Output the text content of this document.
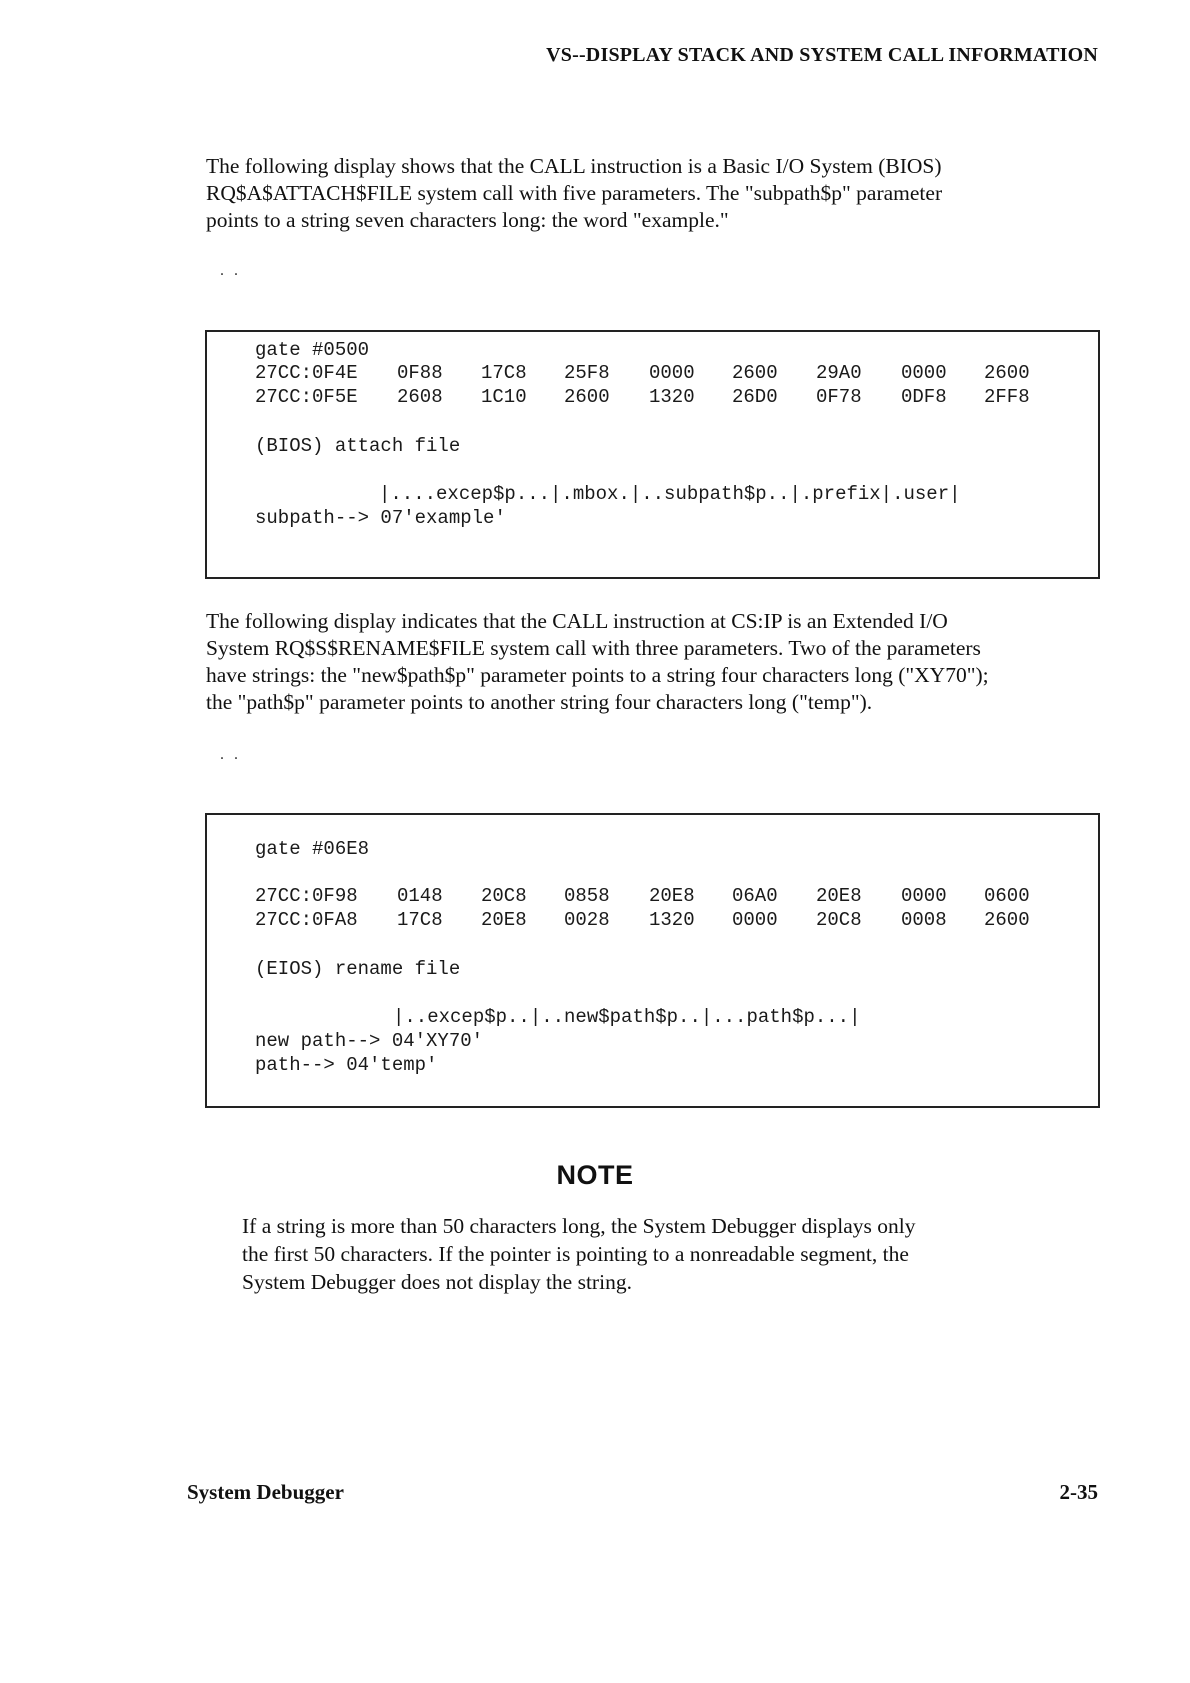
VS--DISPLAY STACK AND SYSTEM CALL INFORMATION
The following display shows that the CALL instruction is a Basic I/O System (BIOS)
RQ$A$ATTACH$FILE system call with five parameters. The "subpath$p" parameter
points to a string seven characters long: the word "example."
. .
gate #0500
27CC:0F4E 0F88 17C8 25F8 0000 2600 29A0 0000 2600
27CC:0F5E 2608 1C10 2600 1320 26D0 0F78 0DF8 2FF8
(BIOS) attach file
|....excep$p...|.mbox.|..subpath$p..|.prefix|.user|
subpath--> 07'example'
The following display indicates that the CALL instruction at CS:IP is an Extended I/O
System RQ$S$RENAME$FILE system call with three parameters. Two of the parameters
have strings: the "new$path$p" parameter points to a string four characters long ("XY70");
the "path$p" parameter points to another string four characters long ("temp").
. .
gate #06E8
27CC:0F98 0148 20C8 0858 20E8 06A0 20E8 0000 0600
27CC:0FA8 17C8 20E8 0028 1320 0000 20C8 0008 2600
(EIOS) rename file
|..excep$p..|..new$path$p..|...path$p...|
new path--> 04'XY70'
path--> 04'temp'
NOTE
If a string is more than 50 characters long, the System Debugger displays only
the first 50 characters. If the pointer is pointing to a nonreadable segment, the
System Debugger does not display the string.
System Debugger	2-35
